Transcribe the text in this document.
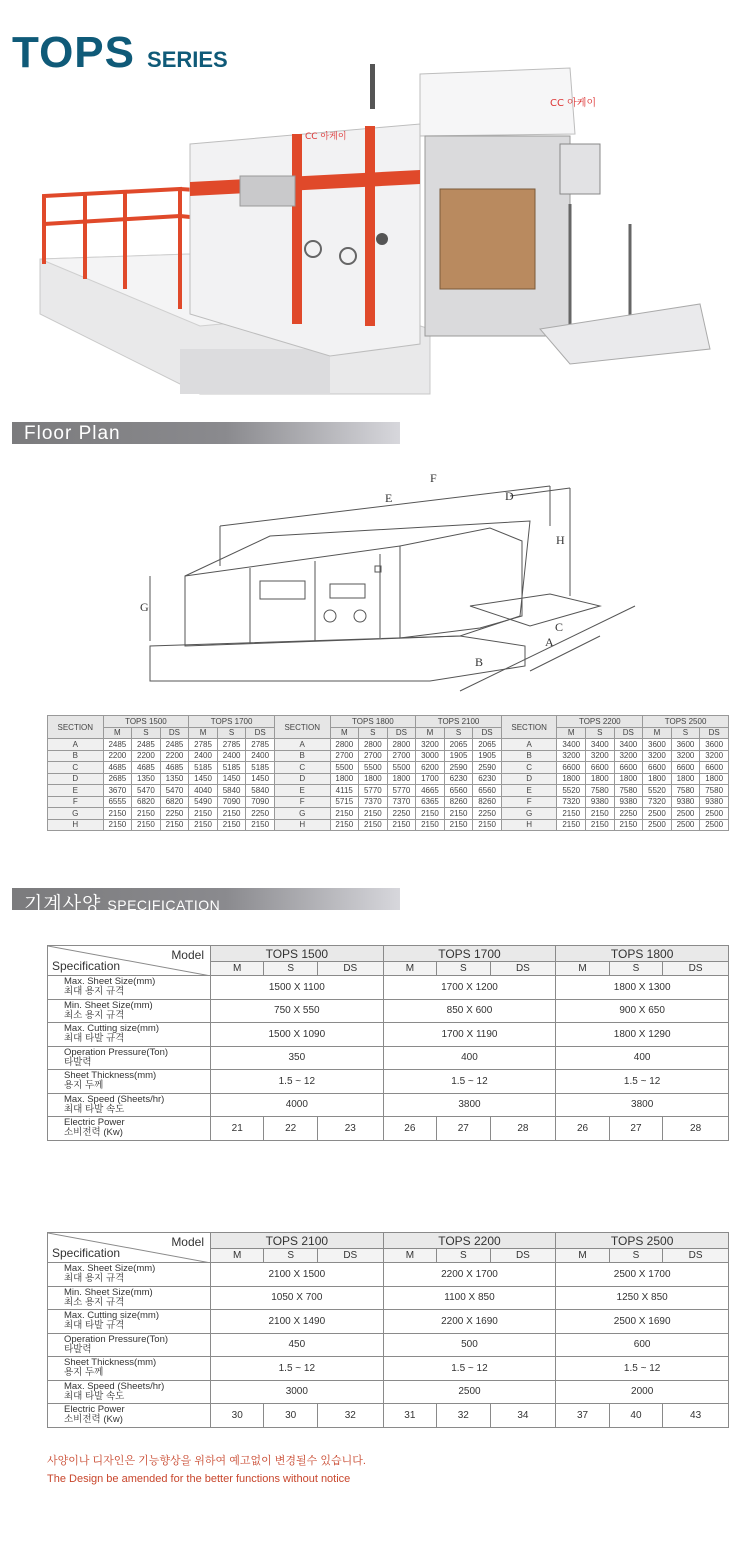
TOPS SERIES
CC 아케이
CC 아케이
Floor Plan
F
E	D
H
G
C
A
B
SECTION	TOPS 1500			TOPS 1700			SECTION	TOPS 1800			TOPS 2100			SECTION	TOPS 2200			TOPS 2500		
	M	S	DS	M	S	DS		M	S	DS	M	S	DS		M	S	DS	M	S	DS
A	2485	2485	2485	2785	2785	2785	A	2800	2800	2800	3200	2065	2065	A	3400	3400	3400	3600	3600	3600
B	2200	2200	2200	2400	2400	2400	B	2700	2700	2700	3000	1905	1905	B	3200	3200	3200	3200	3200	3200
C	4685	4685	4685	5185	5185	5185	C	5500	5500	5500	6200	2590	2590	C	6600	6600	6600	6600	6600	6600
D	2685	1350	1350	1450	1450	1450	D	1800	1800	1800	1700	6230	6230	D	1800	1800	1800	1800	1800	1800
E	3670	5470	5470	4040	5840	5840	E	4115	5770	5770	4665	6560	6560	E	5520	7580	7580	5520	7580	7580
F	6555	6820	6820	5490	7090	7090	F	5715	7370	7370	6365	8260	8260	F	7320	9380	9380	7320	9380	9380
G	2150	2150	2250	2150	2150	2250	G	2150	2150	2250	2150	2150	2250	G	2150	2150	2250	2500	2500	2500
H	2150	2150	2150	2150	2150	2150	H	2150	2150	2150	2150	2150	2150	H	2150	2150	2150	2500	2500	2500
기계사양 SPECIFICATION
Model
Specification	TOPS 1500			TOPS 1700			TOPS 1800		
	M	S	DS	M	S	DS	M	S	DS

Max. Sheet Size(mm)
최대 용지 규격	1500 X 1100			1700 X 1200			1800 X 1300		

Min. Sheet Size(mm)
최소 용지 규격	750 X 550			850 X 600			900 X 650		

Max. Cutting size(mm)
최대 타발 규격	1500 X 1090			1700 X 1190			1800 X 1290		

Operation Pressure(Ton)
타발력	350			400			400		

Sheet Thickness(mm)
용지 두께	1.5 ~ 12			1.5 ~ 12			1.5 ~ 12		

Max. Speed (Sheets/hr)
최대 타발 속도	4000			3800			3800		

Electric Power
소비전력 (Kw)	21	22	23	26	27	28	26	27	28
Model
Specification	TOPS 2100			TOPS 2200			TOPS 2500		
	M	S	DS	M	S	DS	M	S	DS

Max. Sheet Size(mm)
최대 용지 규격	2100 X 1500			2200 X 1700			2500 X 1700		

Min. Sheet Size(mm)
최소 용지 규격	1050 X 700			1100 X 850			1250 X 850		

Max. Cutting size(mm)
최대 타발 규격	2100 X 1490			2200 X 1690			2500 X 1690		

Operation Pressure(Ton)
타발력	450			500			600		

Sheet Thickness(mm)
용지 두께	1.5 ~ 12			1.5 ~ 12			1.5 ~ 12		

Max. Speed (Sheets/hr)
최대 타발 속도	3000			2500			2000		

Electric Power
소비전력 (Kw)	30	30	32	31	32	34	37	40	43
사양이나 디자인은 기능향상을 위하여 예고없이 변경될수 있습니다.
The Design be amended for the better functions without notice
